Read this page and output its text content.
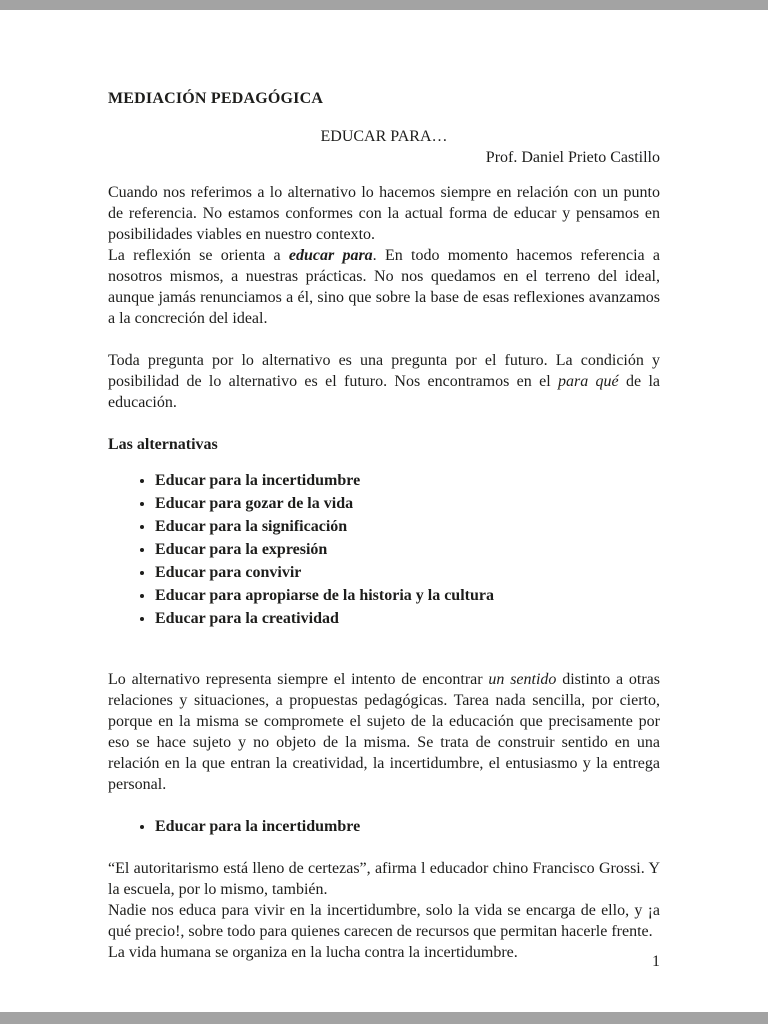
MEDIACIÓN PEDAGÓGICA

EDUCAR PARA…

Prof. Daniel Prieto Castillo

Cuando nos referimos a lo alternativo lo hacemos siempre en relación con un punto de referencia. No estamos conformes con la actual forma de educar y pensamos en posibilidades viables en nuestro contexto.

La reflexión se orienta a educar para. En todo momento hacemos referencia a nosotros mismos, a nuestras prácticas. No nos quedamos en el terreno del ideal, aunque jamás renunciamos a él, sino que sobre la base de esas reflexiones avanzamos a la concreción del ideal.

Toda pregunta por lo alternativo es una pregunta por el futuro. La condición y posibilidad de lo alternativo es el futuro. Nos encontramos en el para qué de la educación.

Las alternativas

• Educar para la incertidumbre
• Educar para gozar de la vida
• Educar para la significación
• Educar para la expresión
• Educar para convivir
• Educar para apropiarse de la historia y la cultura
• Educar para la creatividad

Lo alternativo representa siempre el intento de encontrar un sentido distinto a otras relaciones y situaciones, a propuestas pedagógicas. Tarea nada sencilla, por cierto, porque en la misma se compromete el sujeto de la educación que precisamente por eso se hace sujeto y no objeto de la misma. Se trata de construir sentido en una relación en la que entran la creatividad, la incertidumbre, el entusiasmo y la entrega personal.

• Educar para la incertidumbre

“El autoritarismo está lleno de certezas”, afirma l educador chino Francisco Grossi. Y la escuela, por lo mismo, también.

Nadie nos educa para vivir en la incertidumbre, solo la vida se encarga de ello, y ¡a qué precio!, sobre todo para quienes carecen de recursos que permitan hacerle frente.

La vida humana se organiza en la lucha contra la incertidumbre.

1
